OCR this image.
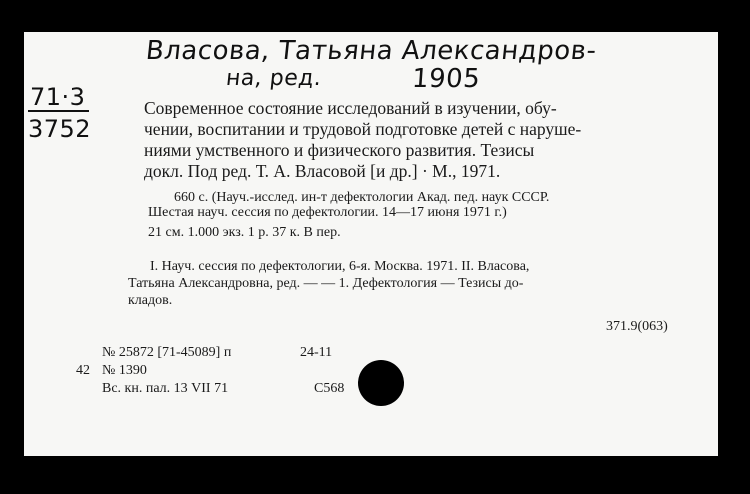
Власова, Татьяна Александров-
на, ред.	1905
71·3
3752
Современное состояние исследований в изучении, обу-
чении, воспитании и трудовой подготовке детей с наруше-
ниями умственного и физического развития. Тезисы
докл. Под ред. Т. А. Власовой [и др.] · М., 1971.
660 с. (Науч.-исслед. ин-т дефектологии Акад. пед. наук СССР.
Шестая науч. сессия по дефектологии. 14—17 июня 1971 г.)
21 см. 1.000 экз. 1 р. 37 к. В пер.
I. Науч. сессия по дефектологии, 6-я. Москва. 1971. II. Власова,
Татьяна Александровна, ред. — — 1. Дефектология — Тезисы до-
кладов.
371.9(063)
№ 25872 [71-45089] п	24-11
42 № 1390
Вс. кн. пал. 13 VII 71	С568
